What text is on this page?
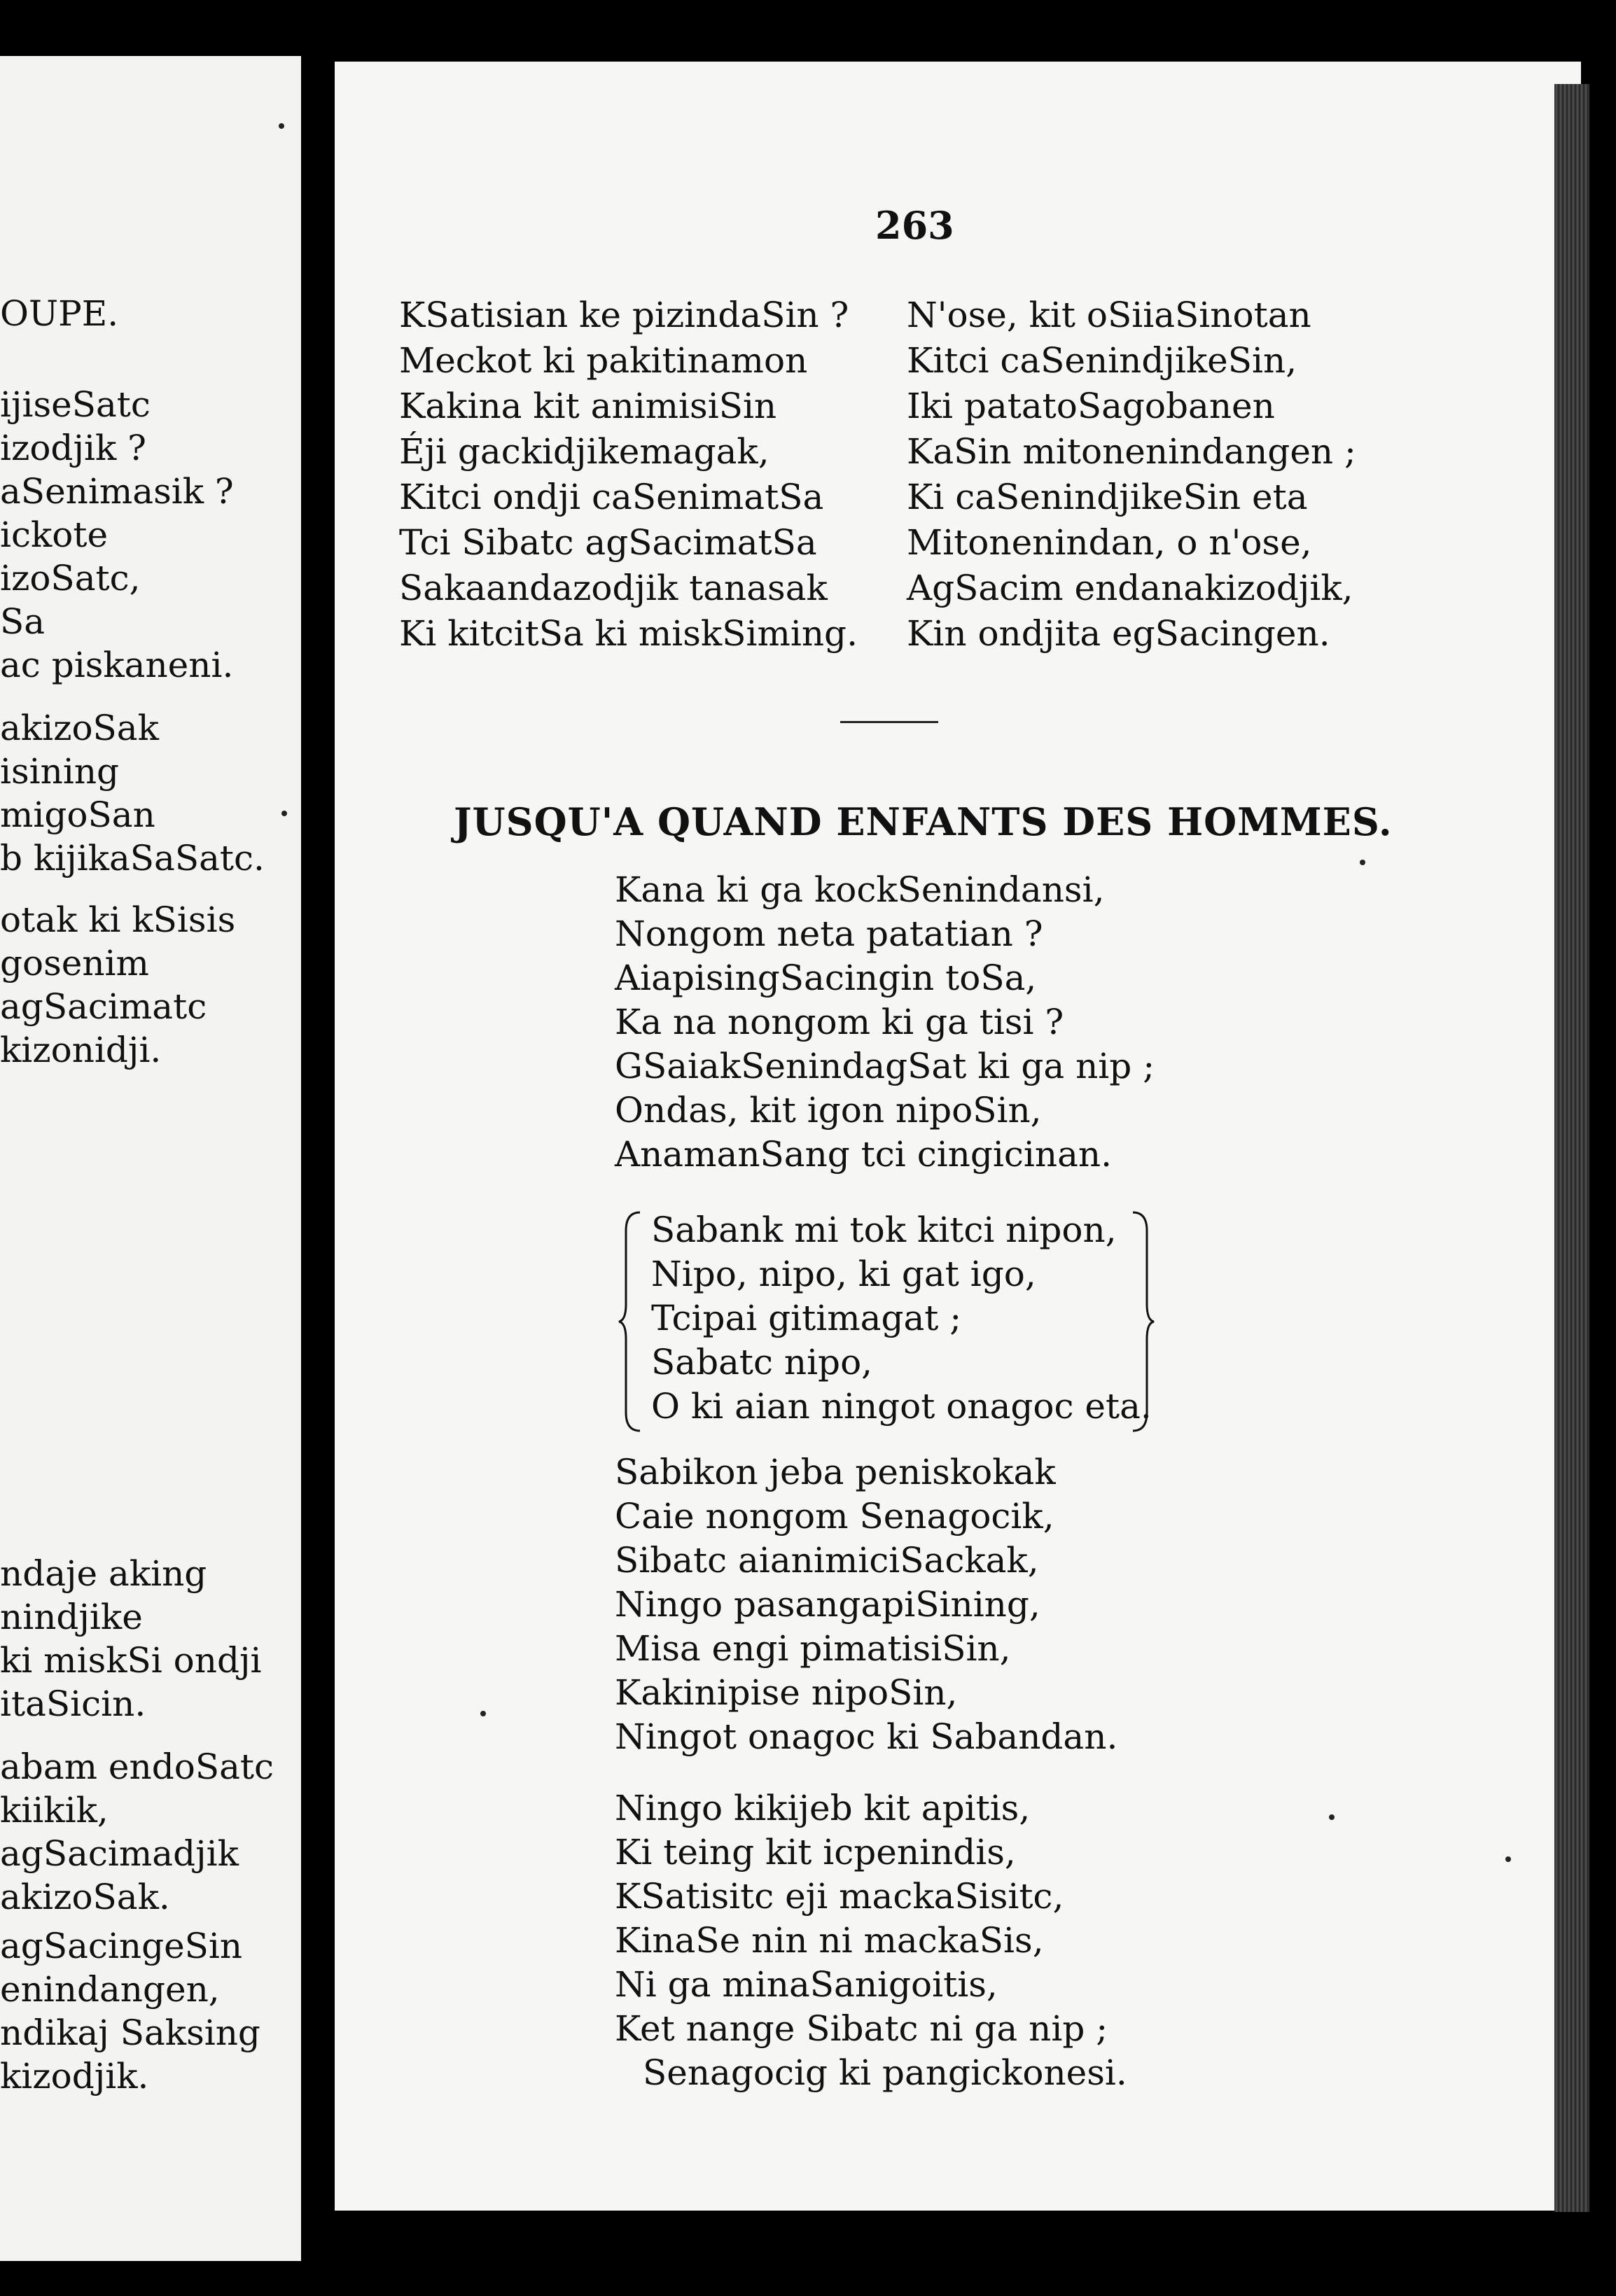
OUPE.
ijiseSatc
izodjik ?
aSenimasik ?
ickote
izoSatc,
Sa
ac piskaneni.
akizoSak
isining
migoSan
b kijikaSaSatc.
otak ki kSisis
gosenim
agSacimatc
kizonidji.
ndaje aking
nindjike
ki miskSi ondji
itaSicin.
abam endoSatc
kiikik,
agSacimadjik
akizoSak.
agSacingeSin
enindangen,
ndikaj Saksing
kizodjik.
263
KSatisian ke pizindaSin ?
Meckot ki pakitinamon
Kakina kit animisiSin
Éji gackidjikemagak,
Kitci ondji caSenimatSa
Tci Sibatc agSacimatSa
Sakaandazodjik tanasak
Ki kitcitSa ki miskSiming.
N'ose, kit oSiiaSinotan
Kitci caSenindjikeSin,
Iki patatoSagobanen
KaSin mitonenindangen ;
Ki caSenindjikeSin eta
Mitonenindan, o n'ose,
AgSacim endanakizodjik,
Kin ondjita egSacingen.
JUSQU'A QUAND ENFANTS DES HOMMES.
Kana ki ga kockSenindansi,
Nongom neta patatian ?
AiapisingSacingin toSa,
Ka na nongom ki ga tisi ?
GSaiakSenindagSat ki ga nip ;
Ondas, kit igon nipoSin,
AnamanSang tci cingicinan.
Sabank mi tok kitci nipon,
Nipo, nipo, ki gat igo,
Tcipai gitimagat ;
Sabatc nipo,
O ki aian ningot onagoc eta.
Sabikon jeba peniskokak
Caie nongom Senagocik,
Sibatc aianimiciSackak,
Ningo pasangapiSining,
Misa engi pimatisiSin,
Kakinipise nipoSin,
Ningot onagoc ki Sabandan.
Ningo kikijeb kit apitis,
Ki teing kit icpenindis,
KSatisitc eji mackaSisitc,
KinaSe nin ni mackaSis,
Ni ga minaSanigoitis,
Ket nange Sibatc ni ga nip ;
Senagocig ki pangickonesi.
